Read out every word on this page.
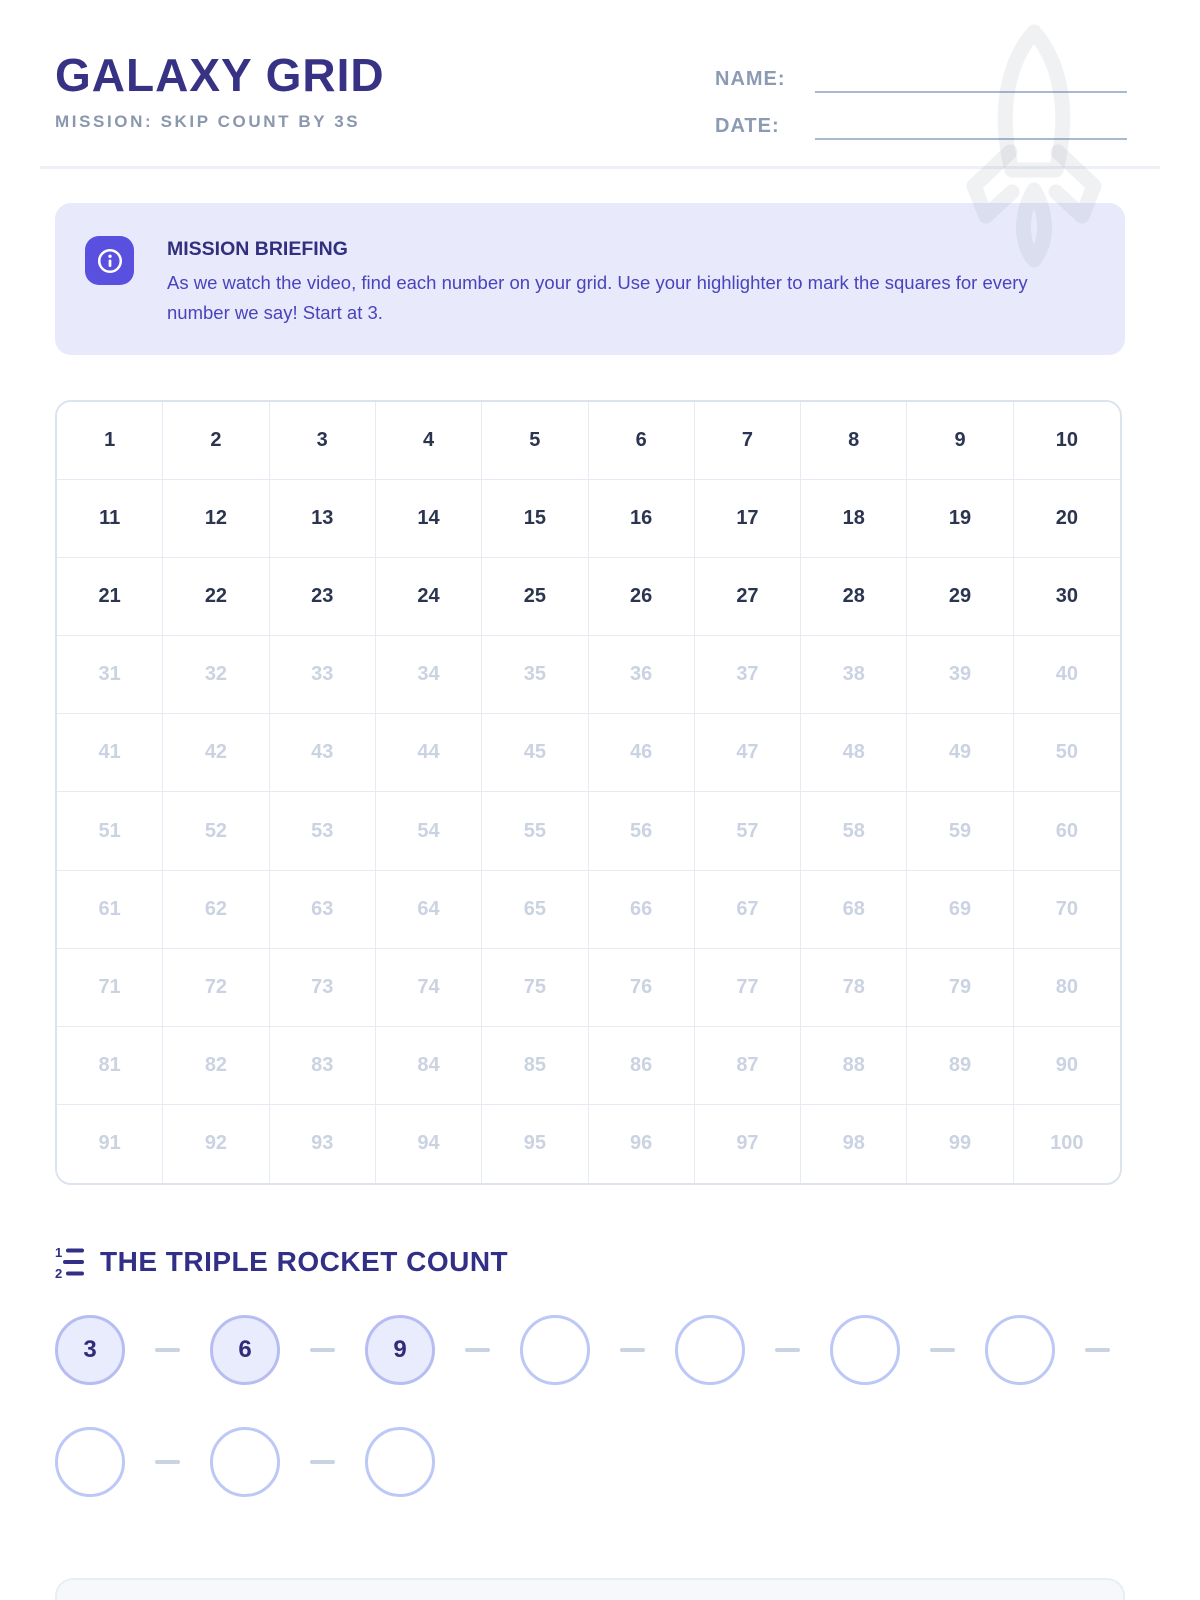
GALAXY GRID
MISSION: SKIP COUNT BY 3S
NAME:
DATE:
MISSION BRIEFING
As we watch the video, find each number on your grid. Use your highlighter to mark the squares for every number we say! Start at 3.
1	2	3	4	5	6	7	8	9	10
11	12	13	14	15	16	17	18	19	20
21	22	23	24	25	26	27	28	29	30
31	32	33	34	35	36	37	38	39	40
41	42	43	44	45	46	47	48	49	50
51	52	53	54	55	56	57	58	59	60
61	62	63	64	65	66	67	68	69	70
71	72	73	74	75	76	77	78	79	80
81	82	83	84	85	86	87	88	89	90
91	92	93	94	95	96	97	98	99	100
1
2 THE TRIPLE ROCKET COUNT
3	6	9
